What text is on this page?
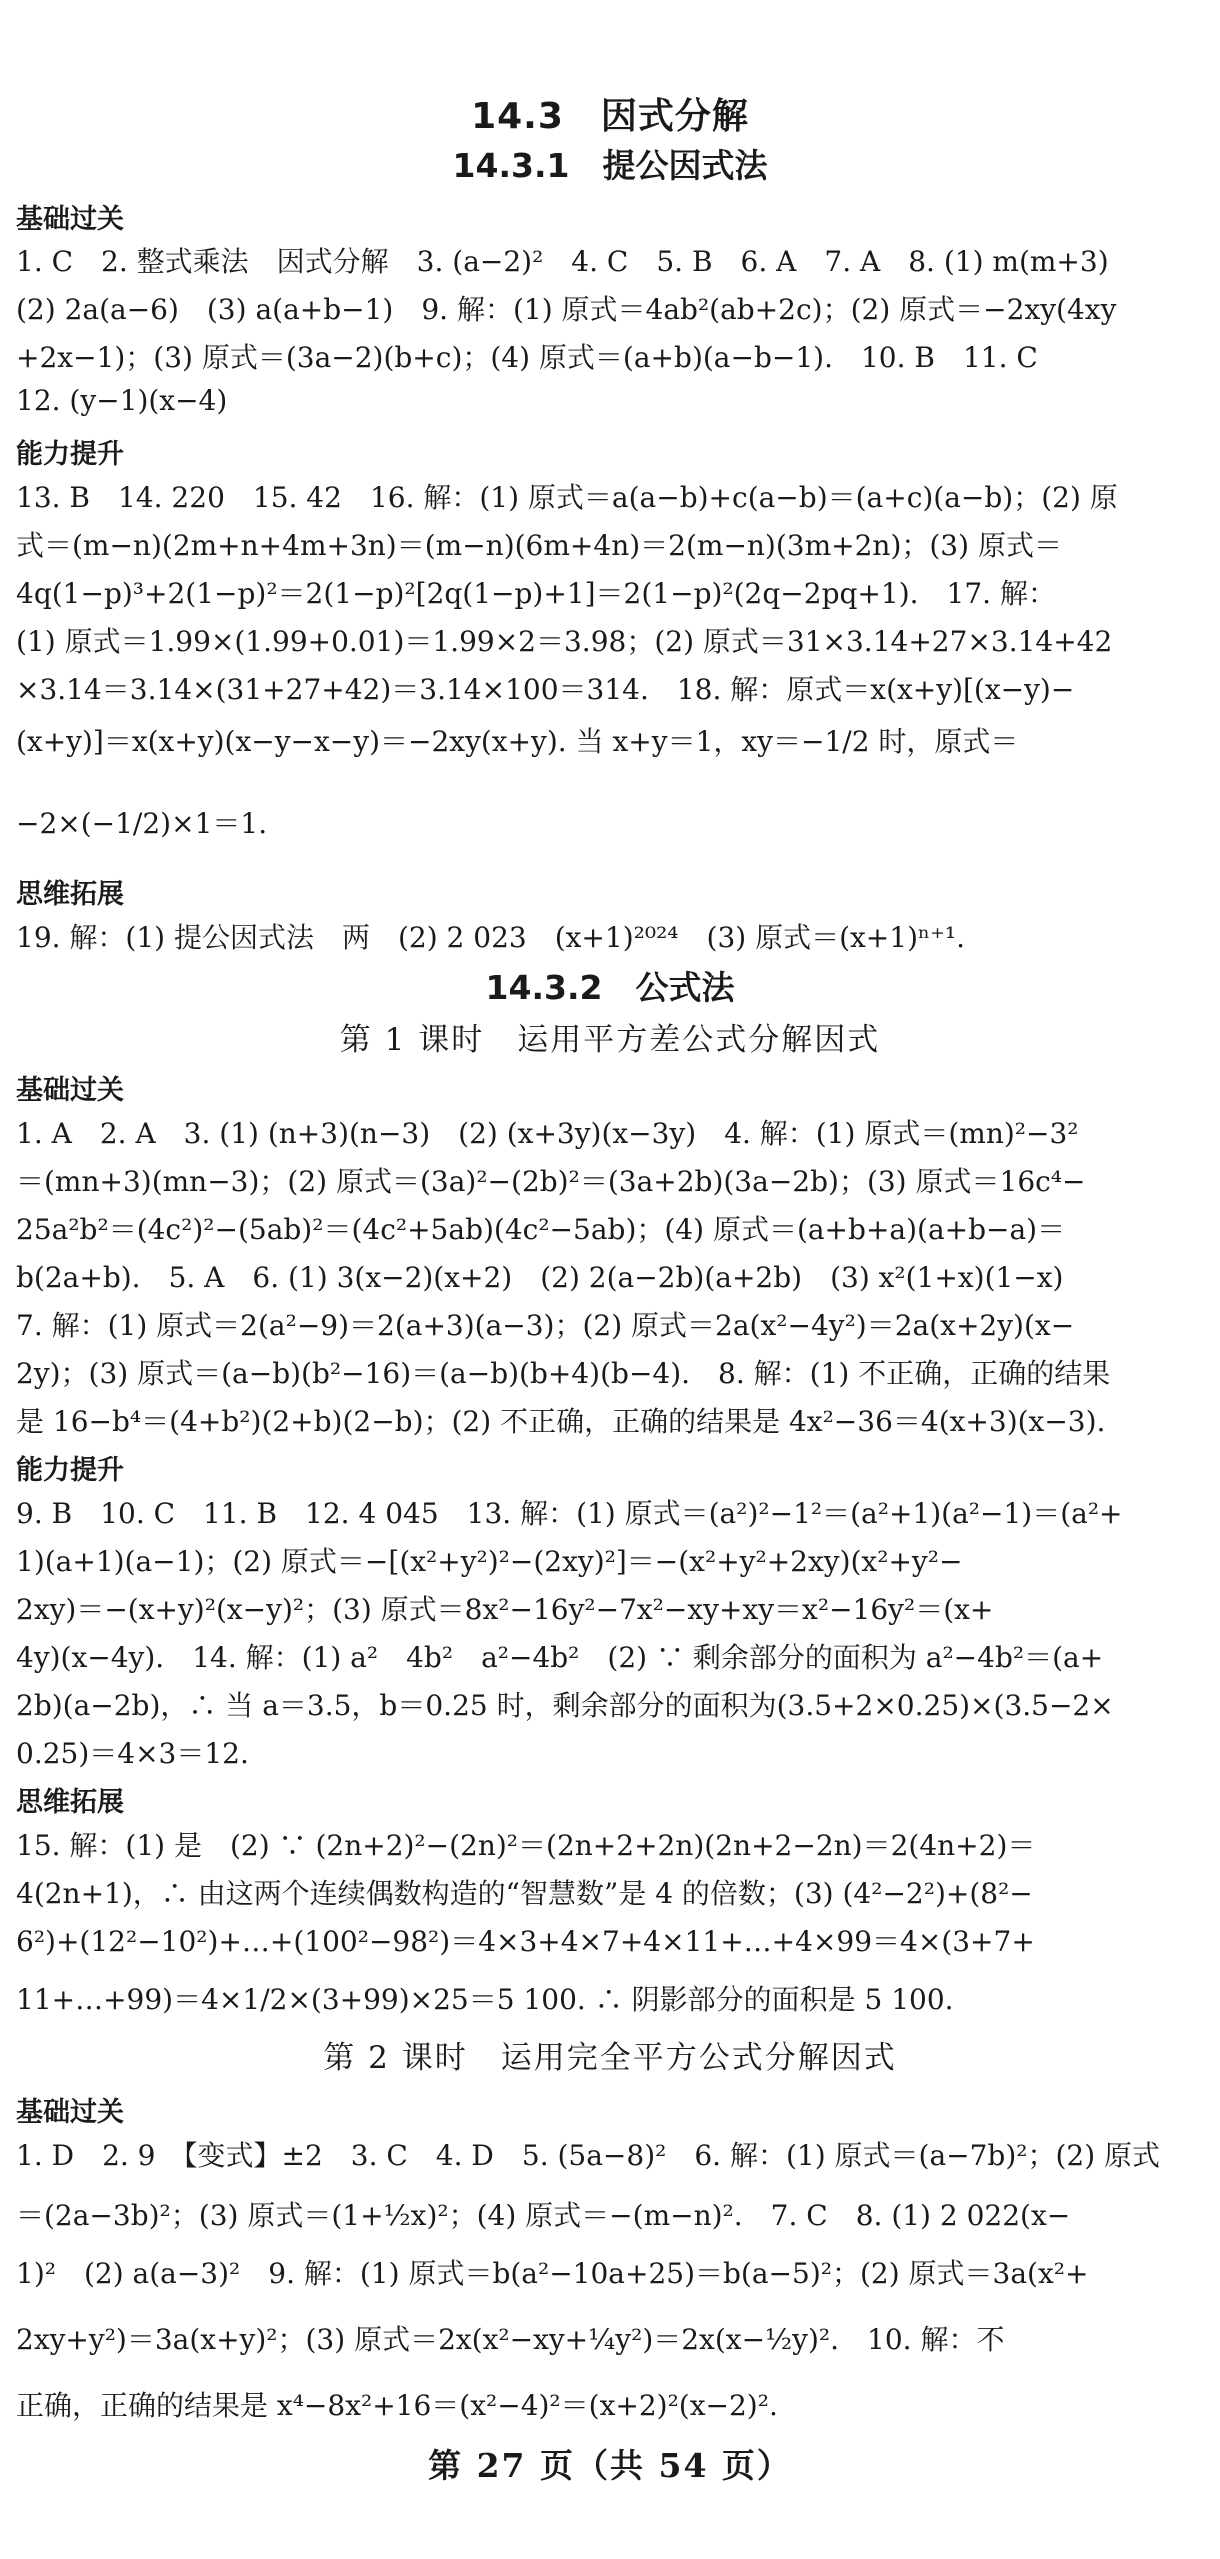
14.3　因式分解
14.3.1　提公因式法
基础过关
1. C　2. 整式乘法　因式分解　3. (a−2)²　4. C　5. B　6. A　7. A　8. (1) m(m+3)
(2) 2a(a−6)　(3) a(a+b−1)　9. 解：(1) 原式＝4ab²(ab+2c)；(2) 原式＝−2xy(4xy
+2x−1)；(3) 原式＝(3a−2)(b+c)；(4) 原式＝(a+b)(a−b−1).　10. B　11. C
12. (y−1)(x−4)
能力提升
13. B　14. 220　15. 42　16. 解：(1) 原式＝a(a−b)+c(a−b)＝(a+c)(a−b)；(2) 原
式＝(m−n)(2m+n+4m+3n)＝(m−n)(6m+4n)＝2(m−n)(3m+2n)；(3) 原式＝
4q(1−p)³+2(1−p)²＝2(1−p)²[2q(1−p)+1]＝2(1−p)²(2q−2pq+1).　17. 解：
(1) 原式＝1.99×(1.99+0.01)＝1.99×2＝3.98；(2) 原式＝31×3.14+27×3.14+42
×3.14＝3.14×(31+27+42)＝3.14×100＝314.　18. 解：原式＝x(x+y)[(x−y)−
(x+y)]＝x(x+y)(x−y−x−y)＝−2xy(x+y). 当 x+y＝1，xy＝−1/2 时，原式＝
−2×(−1/2)×1＝1.
思维拓展
19. 解：(1) 提公因式法　两　(2) 2 023　(x+1)²⁰²⁴　(3) 原式＝(x+1)ⁿ⁺¹.
14.3.2　公式法
第 1 课时　运用平方差公式分解因式
基础过关
1. A　2. A　3. (1) (n+3)(n−3)　(2) (x+3y)(x−3y)　4. 解：(1) 原式＝(mn)²−3²
＝(mn+3)(mn−3)；(2) 原式＝(3a)²−(2b)²＝(3a+2b)(3a−2b)；(3) 原式＝16c⁴−
25a²b²＝(4c²)²−(5ab)²＝(4c²+5ab)(4c²−5ab)；(4) 原式＝(a+b+a)(a+b−a)＝
b(2a+b).　5. A　6. (1) 3(x−2)(x+2)　(2) 2(a−2b)(a+2b)　(3) x²(1+x)(1−x)
7. 解：(1) 原式＝2(a²−9)＝2(a+3)(a−3)；(2) 原式＝2a(x²−4y²)＝2a(x+2y)(x−
2y)；(3) 原式＝(a−b)(b²−16)＝(a−b)(b+4)(b−4).　8. 解：(1) 不正确，正确的结果
是 16−b⁴＝(4+b²)(2+b)(2−b)；(2) 不正确，正确的结果是 4x²−36＝4(x+3)(x−3).
能力提升
9. B　10. C　11. B　12. 4 045　13. 解：(1) 原式＝(a²)²−1²＝(a²+1)(a²−1)＝(a²+
1)(a+1)(a−1)；(2) 原式＝−[(x²+y²)²−(2xy)²]＝−(x²+y²+2xy)(x²+y²−
2xy)＝−(x+y)²(x−y)²；(3) 原式＝8x²−16y²−7x²−xy+xy＝x²−16y²＝(x+
4y)(x−4y).　14. 解：(1) a²　4b²　a²−4b²　(2) ∵ 剩余部分的面积为 a²−4b²＝(a+
2b)(a−2b)，∴ 当 a＝3.5，b＝0.25 时，剩余部分的面积为(3.5+2×0.25)×(3.5−2×
0.25)＝4×3＝12.
思维拓展
15. 解：(1) 是　(2) ∵ (2n+2)²−(2n)²＝(2n+2+2n)(2n+2−2n)＝2(4n+2)＝
4(2n+1)，∴ 由这两个连续偶数构造的“智慧数”是 4 的倍数；(3) (4²−2²)+(8²−
6²)+(12²−10²)+…+(100²−98²)＝4×3+4×7+4×11+…+4×99＝4×(3+7+
11+…+99)＝4×1/2×(3+99)×25＝5 100. ∴ 阴影部分的面积是 5 100.
第 2 课时　运用完全平方公式分解因式
基础过关
1. D　2. 9　【变式】±2　3. C　4. D　5. (5a−8)²　6. 解：(1) 原式＝(a−7b)²；(2) 原式
＝(2a−3b)²；(3) 原式＝(1+½x)²；(4) 原式＝−(m−n)².　7. C　8. (1) 2 022(x−
1)²　(2) a(a−3)²　9. 解：(1) 原式＝b(a²−10a+25)＝b(a−5)²；(2) 原式＝3a(x²+
2xy+y²)＝3a(x+y)²；(3) 原式＝2x(x²−xy+¼y²)＝2x(x−½y)².　10. 解：不
正确，正确的结果是 x⁴−8x²+16＝(x²−4)²＝(x+2)²(x−2)².
第 27 页（共 54 页）
